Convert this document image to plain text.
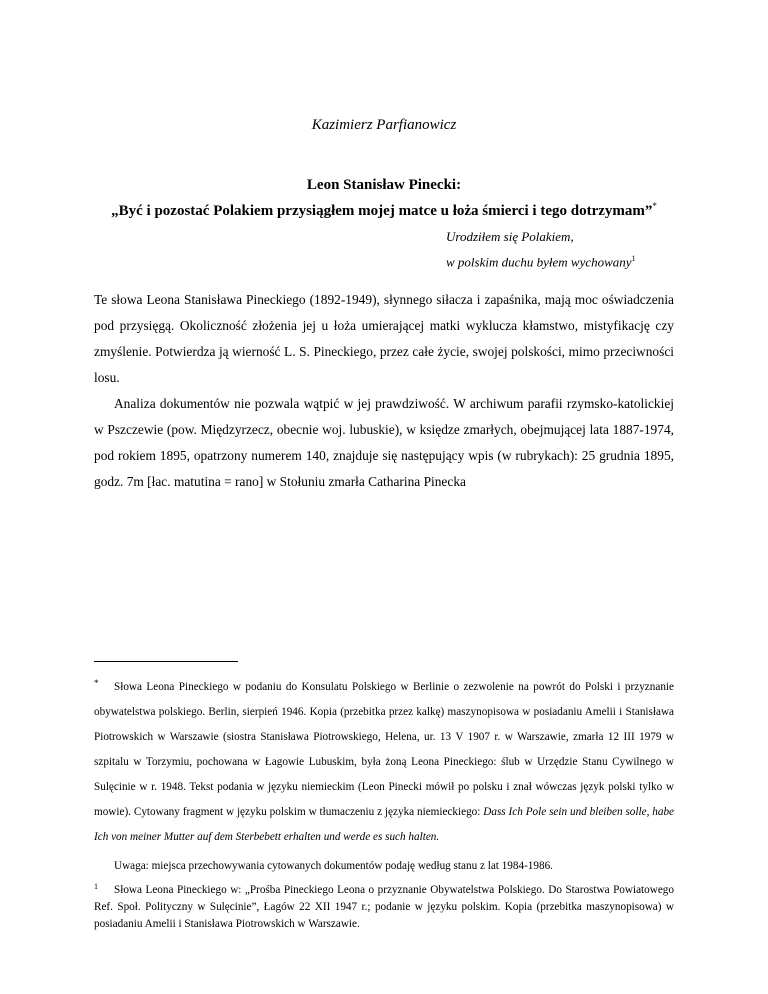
Kazimierz Parfianowicz
Leon Stanisław Pinecki:
„Być i pozostać Polakiem przysiągłem mojej matce u łoża śmierci i tego dotrzymam”*
Urodziłem się Polakiem,
w polskim duchu byłem wychowany$^1$

Te słowa Leona Stanisława Pineckiego (1892-1949), słynnego siłacza i zapaśnika, mają moc oświadczenia pod przysięgą. Okoliczność złożenia jej u łoża umierającej matki wyklucza kłamstwo, mistyfikację czy zmyślenie. Potwierdza ją wierność L. S. Pineckiego, przez całe życie, swojej polskości, mimo przeciwności losu.

Analiza dokumentów nie pozwala wątpić w jej prawdziwość. W archiwum parafii rzymsko-katolickiej w Pszczewie (pow. Międzyrzecz, obecnie woj. lubuskie), w księdze zmarłych, obejmującej lata 1887-1974, pod rokiem 1895, opatrzony numerem 140, znajduje się następujący wpis (w rubrykach): 25 grudnia 1895, godz. 7m [łac. matutina = rano] w Stołuniu zmarła Catharina Pinecka

* Słowa Leona Pineckiego w podaniu do Konsulatu Polskiego w Berlinie o zezwolenie na powrót do Polski i przyznanie obywatelstwa polskiego. Berlin, sierpień 1946. Kopia (przebitka przez kalkę) maszynopisowa w posiadaniu Amelii i Stanisława Piotrowskich w Warszawie (siostra Stanisława Piotrowskiego, Helena, ur. 13 V 1907 r. w Warszawie, zmarła 12 III 1979 w szpitalu w Torzymiu, pochowana w Łagowie Lubuskim, była żoną Leona Pineckiego: ślub w Urzędzie Stanu Cywilnego w Sulęcinie w r. 1948. Tekst podania w języku niemieckim (Leon Pinecki mówił po polsku i znał wówczas język polski tylko w mowie). Cytowany fragment w języku polskim w tłumaczeniu z języka niemieckiego: Dass Ich Pole sein und bleiben solle, habe Ich von meiner Mutter auf dem Sterbebett erhalten und werde es such halten.
Uwaga: miejsca przechowywania cytowanych dokumentów podaję według stanu z lat 1984-1986.
1 Słowa Leona Pineckiego w: „Prośba Pineckiego Leona o przyznanie Obywatelstwa Polskiego. Do Starostwa Powiatowego Ref. Społ. Polityczny w Sulęcinie”, Łagów 22 XII 1947 r.; podanie w języku polskim. Kopia (przebitka maszynopisowa) w posiadaniu Amelii i Stanisława Piotrowskich w Warszawie.
